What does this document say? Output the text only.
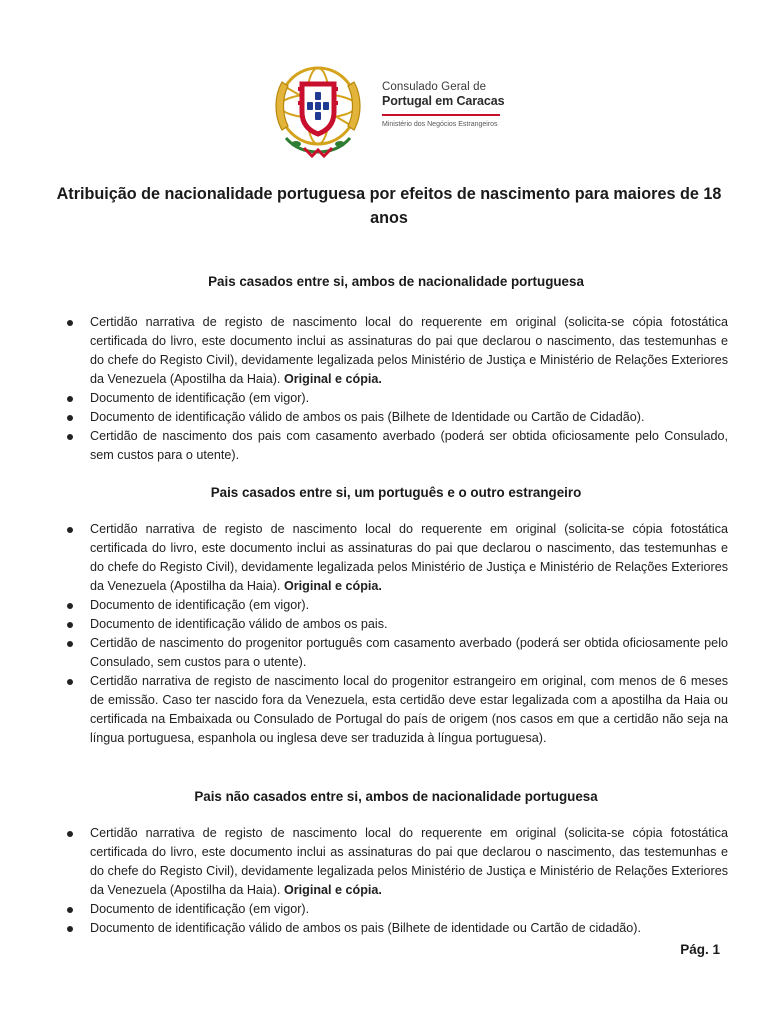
Consulado Geral de
Portugal em Caracas
Ministério dos Negócios Estrangeiros
Atribuição de nacionalidade portuguesa por efeitos de nascimento para maiores de 18 anos
Pais casados entre si, ambos de nacionalidade portuguesa
Certidão narrativa de registo de nascimento local do requerente em original (solicita-se cópia fotostática certificada do livro, este documento inclui as assinaturas do pai que declarou o nascimento, das testemunhas e do chefe do Registo Civil), devidamente legalizada pelos Ministério de Justiça e Ministério de Relações Exteriores da Venezuela (Apostilha da Haia). Original e cópia.
Documento de identificação (em vigor).
Documento de identificação válido de ambos os pais (Bilhete de Identidade ou Cartão de Cidadão).
Certidão de nascimento dos pais com casamento averbado (poderá ser obtida oficiosamente pelo Consulado, sem custos para o utente).
Pais casados entre si, um português e o outro estrangeiro
Certidão narrativa de registo de nascimento local do requerente em original (solicita-se cópia fotostática certificada do livro, este documento inclui as assinaturas do pai que declarou o nascimento, das testemunhas e do chefe do Registo Civil), devidamente legalizada pelos Ministério de Justiça e Ministério de Relações Exteriores da Venezuela (Apostilha da Haia). Original e cópia.
Documento de identificação (em vigor).
Documento de identificação válido de ambos os pais.
Certidão de nascimento do progenitor português com casamento averbado (poderá ser obtida oficiosamente pelo Consulado, sem custos para o utente).
Certidão narrativa de registo de nascimento local do progenitor estrangeiro em original, com menos de 6 meses de emissão. Caso ter nascido fora da Venezuela, esta certidão deve estar legalizada com a apostilha da Haia ou certificada na Embaixada ou Consulado de Portugal do país de origem (nos casos em que a certidão não seja na língua portuguesa, espanhola ou inglesa deve ser traduzida à língua portuguesa).
Pais não casados entre si, ambos de nacionalidade portuguesa
Certidão narrativa de registo de nascimento local do requerente em original (solicita-se cópia fotostática certificada do livro, este documento inclui as assinaturas do pai que declarou o nascimento, das testemunhas e do chefe do Registo Civil), devidamente legalizada pelos Ministério de Justiça e Ministério de Relações Exteriores da Venezuela (Apostilha da Haia). Original e cópia.
Documento de identificação (em vigor).
Documento de identificação válido de ambos os pais (Bilhete de identidade ou Cartão de cidadão).
Pág. 1
